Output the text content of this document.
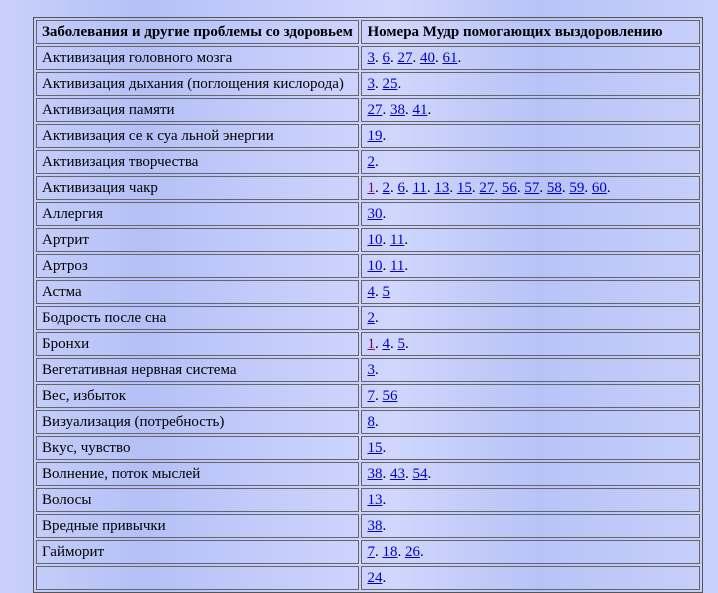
Заболевания и другие проблемы со здоровьем	Номера Мудр помогающих выздоровлению
Активизация головного мозга	3. 6. 27. 40. 61.
Активизация дыхания (поглощения кислорода)	3. 25.
Активизация памяти	27. 38. 41.
Активизация се к суа льной энергии	19.
Активизация творчества	2.
Активизация чакр	1. 2. 6. 11. 13. 15. 27. 56. 57. 58. 59. 60.
Аллергия	30.
Артрит	10. 11.
Артроз	10. 11.
Астма	4. 5
Бодрость после сна	2.
Бронхи	1. 4. 5.
Вегетативная нервная система	3.
Вес, избыток	7. 56
Визуализация (потребность)	8.
Вкус, чувство	15.
Волнение, поток мыслей	38. 43. 54.
Волосы	13.
Вредные привычки	38.
Гайморит	7. 18. 26.
	24.
